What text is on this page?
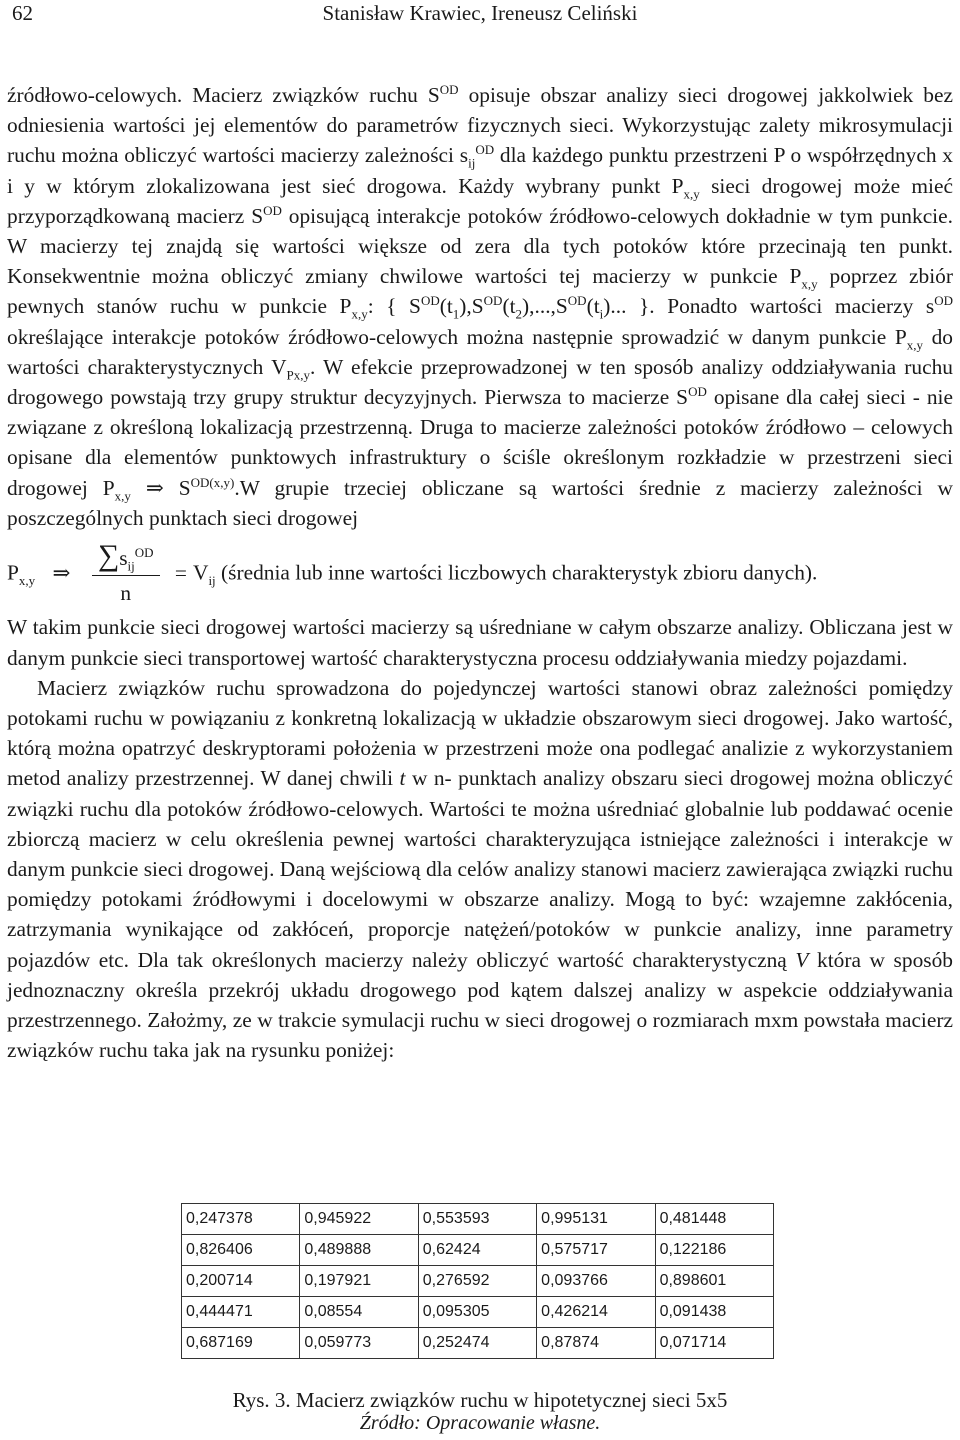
62	Stanisław Krawiec, Ireneusz Celiński

źródłowo-celowych. Macierz związków ruchu $S^{OD}$ opisuje obszar analizy sieci drogowej jakkolwiek bez odniesienia wartości jej elementów do parametrów fizycznych sieci. Wykorzystując zalety mikrosymulacji ruchu można obliczyć wartości macierzy zależności $s_{ij}^{OD}$ dla każdego punktu przestrzeni P o współrzędnych x i y w którym zlokalizowana jest sieć drogowa. Każdy wybrany punkt $P_{x,y}$ sieci drogowej może mieć przyporządkowaną macierz $S^{OD}$ opisującą interakcje potoków źródłowo-celowych dokładnie w tym punkcie. W macierzy tej znajdą się wartości większe od zera dla tych potoków które przecinają ten punkt. Konsekwentnie można obliczyć zmiany chwilowe wartości tej macierzy w punkcie $P_{x,y}$ poprzez zbiór pewnych stanów ruchu w punkcie $P_{x,y}$: { $S^{OD}(t_1),S^{OD}(t_2),...,S^{OD}(t_i)$... }. Ponadto wartości macierzy $s^{OD}$ określające interakcje potoków źródłowo-celowych można następnie sprowadzić w danym punkcie $P_{x,y}$ do wartości charakterystycznych $V_{Px,y}$. W efekcie przeprowadzonej w ten sposób analizy oddziaływania ruchu drogowego powstają trzy grupy struktur decyzyjnych. Pierwsza to macierze $S^{OD}$ opisane dla całej sieci - nie związane z określoną lokalizacją przestrzenną. Druga to macierze zależności potoków źródłowo – celowych opisane dla elementów punktowych infrastruktury o ściśle określonym rozkładzie w przestrzeni sieci drogowej $P_{x,y}$ ⇒ $S^{OD(x,y)}.W$ grupie trzeciej obliczane są wartości średnie z macierzy zależności w poszczególnych punktach sieci drogowej

$P_{x,y}$ ⇒ $\frac{\sum s_{ij}^{OD}}{n} = V_{ij}$ (średnia lub inne wartości liczbowych charakterystyk zbioru danych).

W takim punkcie sieci drogowej wartości macierzy są uśredniane w całym obszarze analizy. Obliczana jest w danym punkcie sieci transportowej wartość charakterystyczna procesu oddziaływania miedzy pojazdami.

Macierz związków ruchu sprowadzona do pojedynczej wartości stanowi obraz zależności pomiędzy potokami ruchu w powiązaniu z konkretną lokalizacją w układzie obszarowym sieci drogowej. Jako wartość, którą można opatrzyć deskryptorami położenia w przestrzeni może ona podlegać analizie z wykorzystaniem metod analizy przestrzennej. W danej chwili t w n- punktach analizy obszaru sieci drogowej można obliczyć związki ruchu dla potoków źródłowo-celowych. Wartości te można uśredniać globalnie lub poddawać ocenie zbiorczą macierz w celu określenia pewnej wartości charakteryzująca istniejące zależności i interakcje w danym punkcie sieci drogowej. Daną wejściową dla celów analizy stanowi macierz zawierająca związki ruchu pomiędzy potokami źródłowymi i docelowymi w obszarze analizy. Mogą to być: wzajemne zakłócenia, zatrzymania wynikające od zakłóceń, proporcje natężeń/potoków w punkcie analizy, inne parametry pojazdów etc. Dla tak określonych macierzy należy obliczyć wartość charakterystyczną V która w sposób jednoznaczny określa przekrój układu drogowego pod kątem dalszej analizy w aspekcie oddziaływania przestrzennego. Założmy, ze w trakcie symulacji ruchu w sieci drogowej o rozmiarach mxm powstała macierz związków ruchu taka jak na rysunku poniżej:

0,247378	0,945922	0,553593	0,995131	0,481448
0,826406	0,489888	0,62424	0,575717	0,122186
0,200714	0,197921	0,276592	0,093766	0,898601
0,444471	0,08554	0,095305	0,426214	0,091438
0,687169	0,059773	0,252474	0,87874	0,071714
Rys. 3. Macierz związków ruchu w hipotetycznej sieci 5x5
Źródło: Opracowanie własne.
